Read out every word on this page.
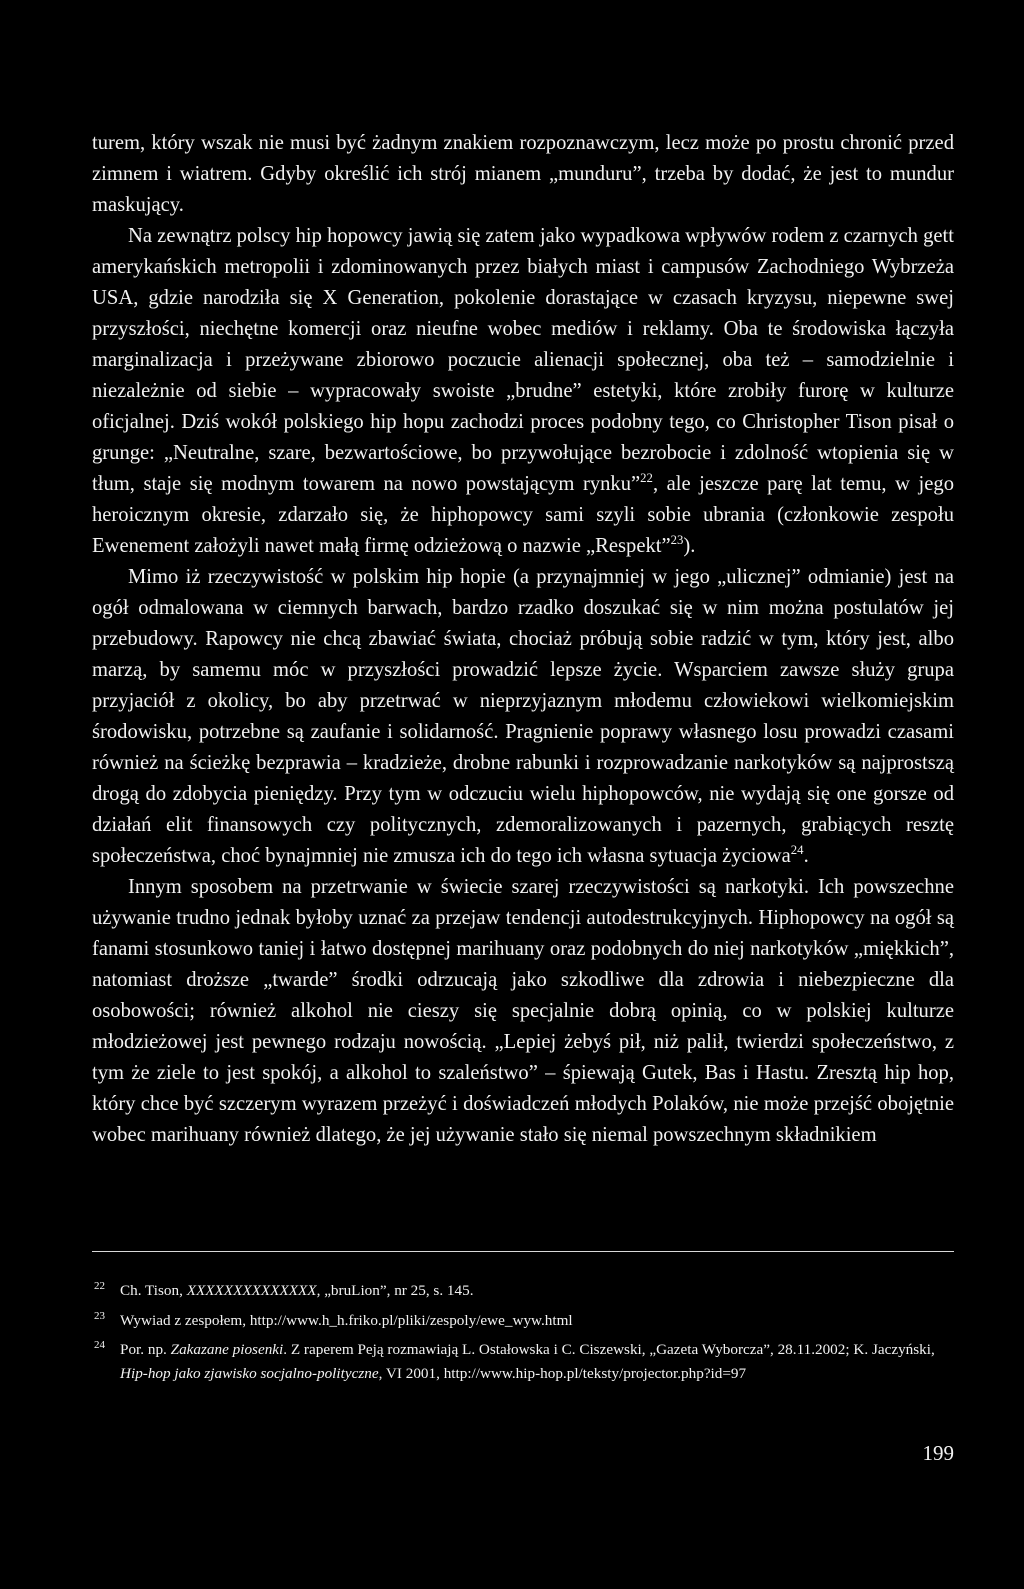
turem, który wszak nie musi być żadnym znakiem rozpoznawczym, lecz może po prostu chronić przed zimnem i wiatrem. Gdyby określić ich strój mianem „munduru”, trzeba by dodać, że jest to mundur maskujący.

Na zewnątrz polscy hip hopowcy jawią się zatem jako wypadkowa wpływów rodem z czarnych gett amerykańskich metropolii i zdominowanych przez białych miast i campusów Zachodniego Wybrzeża USA, gdzie narodziła się X Generation, pokolenie dorastające w czasach kryzysu, niepewne swej przyszłości, niechętne komercji oraz nieufne wobec mediów i reklamy. Oba te środowiska łączyła marginalizacja i przeżywane zbiorowo poczucie alienacji społecznej, oba też – samodzielnie i niezależnie od siebie – wypracowały swoiste „brudne” estetyki, które zrobiły furorę w kulturze oficjalnej. Dziś wokół polskiego hip hopu zachodzi proces podobny tego, co Christopher Tison pisał o grunge: „Neutralne, szare, bezwartościowe, bo przywołujące bezrobocie i zdolność wtopienia się w tłum, staje się modnym towarem na nowo powstającym rynku”$^{22}$, ale jeszcze parę lat temu, w jego heroicznym okresie, zdarzało się, że hiphopowcy sami szyli sobie ubrania (członkowie zespołu Ewenement założyli nawet małą firmę odzieżową o nazwie „Respekt”$^{23}$).

Mimo iż rzeczywistość w polskim hip hopie (a przynajmniej w jego „ulicznej” odmianie) jest na ogół odmalowana w ciemnych barwach, bardzo rzadko doszukać się w nim można postulatów jej przebudowy. Rapowcy nie chcą zbawiać świata, chociaż próbują sobie radzić w tym, który jest, albo marzą, by samemu móc w przyszłości prowadzić lepsze życie. Wsparciem zawsze służy grupa przyjaciół z okolicy, bo aby przetrwać w nieprzyjaznym młodemu człowiekowi wielkomiejskim środowisku, potrzebne są zaufanie i solidarność. Pragnienie poprawy własnego losu prowadzi czasami również na ścieżkę bezprawia – kradzieże, drobne rabunki i rozprowadzanie narkotyków są najprostszą drogą do zdobycia pieniędzy. Przy tym w odczuciu wielu hiphopowców, nie wydają się one gorsze od działań elit finansowych czy politycznych, zdemoralizowanych i pazernych, grabiących resztę społeczeństwa, choć bynajmniej nie zmusza ich do tego ich własna sytuacja życiowa$^{24}$.

Innym sposobem na przetrwanie w świecie szarej rzeczywistości są narkotyki. Ich powszechne używanie trudno jednak byłoby uznać za przejaw tendencji autodestrukcyjnych. Hiphopowcy na ogół są fanami stosunkowo taniej i łatwo dostępnej marihuany oraz podobnych do niej narkotyków „miękkich”, natomiast droższe „twarde” środki odrzucają jako szkodliwe dla zdrowia i niebezpieczne dla osobowości; również alkohol nie cieszy się specjalnie dobrą opinią, co w polskiej kulturze młodzieżowej jest pewnego rodzaju nowością. „Lepiej żebyś pił, niż palił, twierdzi społeczeństwo, z tym że ziele to jest spokój, a alkohol to szaleństwo” – śpiewają Gutek, Bas i Hastu. Zresztą hip hop, który chce być szczerym wyrazem przeżyć i doświadczeń młodych Polaków, nie może przejść obojętnie wobec marihuany również dlatego, że jej używanie stało się niemal powszechnym składnikiem

22 Ch. Tison, XXXXXXXXXXXXXX, „bruLion”, nr 25, s. 145.
23 Wywiad z zespołem, http://www.h_h.friko.pl/pliki/zespoly/ewe_wyw.html
24 Por. np. Zakazane piosenki. Z raperem Peją rozmawiają L. Ostałowska i C. Ciszewski, „Gazeta Wyborcza”, 28.11.2002; K. Jaczyński, Hip-hop jako zjawisko socjalno-polityczne, VI 2001, http://www.hip-hop.pl/teksty/projector.php?id=97
199
